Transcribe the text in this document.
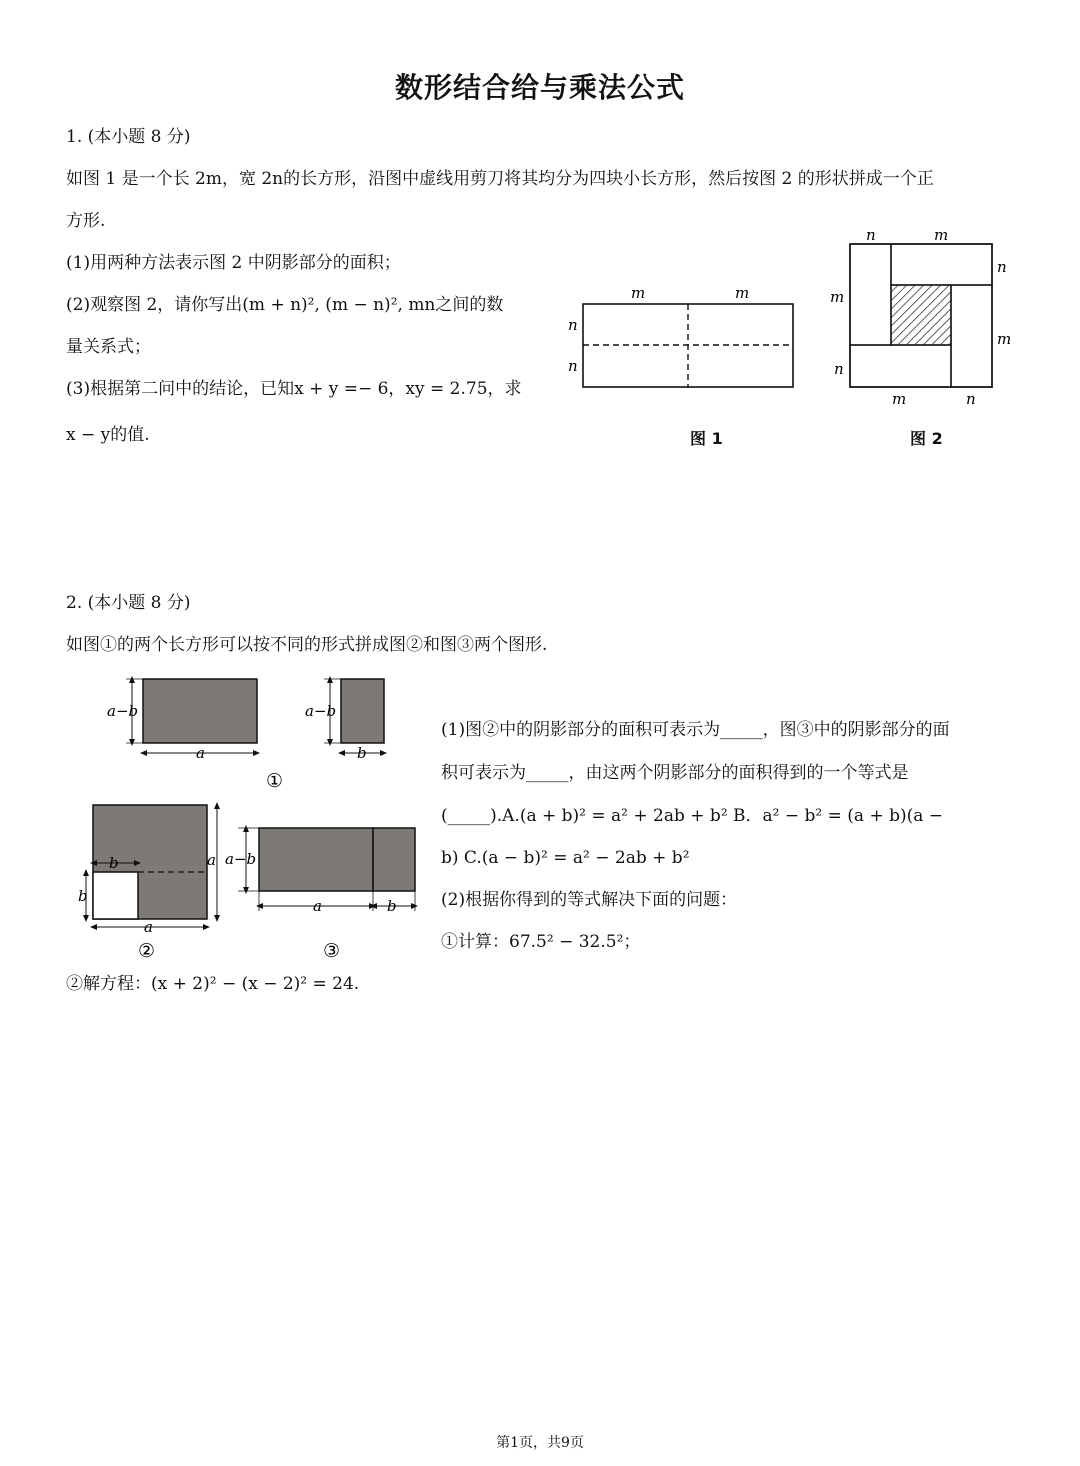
数形结合给与乘法公式
1. (本小题 8 分)
如图 1 是一个长 2m，宽 2n的长方形，沿图中虚线用剪刀将其均分为四块小长方形，然后按图 2 的形状拼成一个正
方形.
(1)用两种方法表示图 2 中阴影部分的面积；
(2)观察图 2，请你写出(m + n)², (m − n)², mn之间的数
量关系式；
(3)根据第二问中的结论，已知x + y =− 6，xy = 2.75，求
x − y的值.
m	m
n
n
图 1
n	m
n
m
m
n
m	n
图 2
2. (本小题 8 分)
如图①的两个长方形可以按不同的形式拼成图②和图③两个图形.
a−b
a
a−b
b
①
b
b
a
a
②
a−b
a	b
③
(1)图②中的阴影部分的面积可表示为_____，图③中的阴影部分的面
积可表示为_____，由这两个阴影部分的面积得到的一个等式是
(_____).A.(a + b)² = a² + 2ab + b² B．a² − b² = (a + b)(a −
b) C.(a − b)² = a² − 2ab + b²
(2)根据你得到的等式解决下面的问题：
①计算：67.5² − 32.5²；
②解方程：(x + 2)² − (x − 2)² = 24.
第1页，共9页
